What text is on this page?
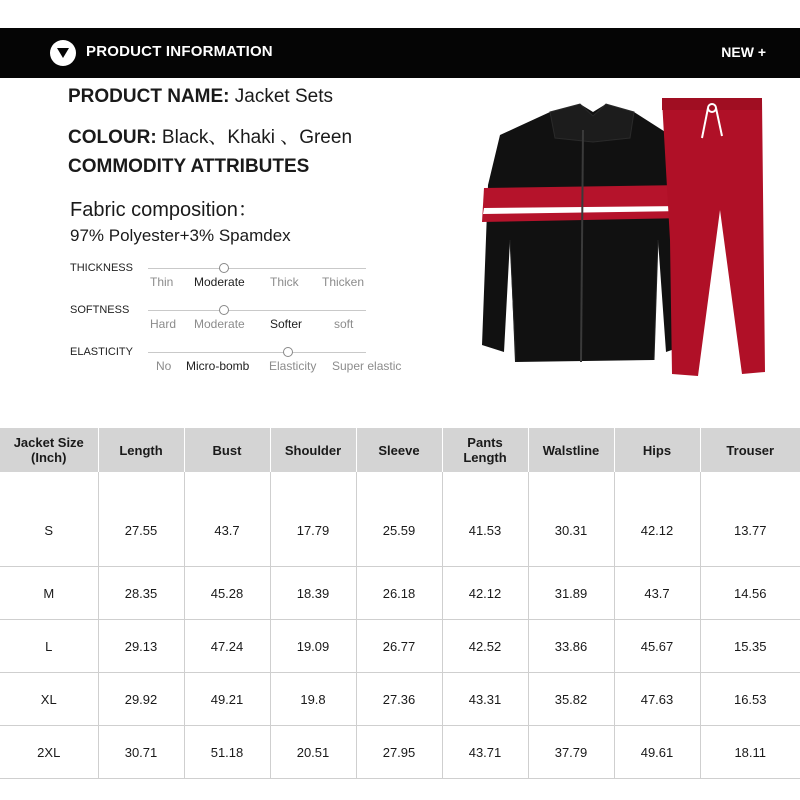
PRODUCT INFORMATION	NEW +
PRODUCT NAME: Jacket Sets
COLOUR: Black、Khaki 、Green
COMMODITY ATTRIBUTES
Fabric composition：
97% Polyester+3% Spamdex
THICKNESS
Thin Moderate Thick Thicken
SOFTNESS
Hard Moderate Softer	soft
ELASTICITY
No Micro-bomb Elasticity Super elastic
Jacket Size (Inch)	Length	Bust	Shoulder	Sleeve	Pants Length	Walstline	Hips	Trouser
S	27.55	43.7	17.79	25.59	41.53	30.31	42.12	13.77
M	28.35	45.28	18.39	26.18	42.12	31.89	43.7	14.56
L	29.13	47.24	19.09	26.77	42.52	33.86	45.67	15.35
XL	29.92	49.21	19.8	27.36	43.31	35.82	47.63	16.53
2XL	30.71	51.18	20.51	27.95	43.71	37.79	49.61	18.11
